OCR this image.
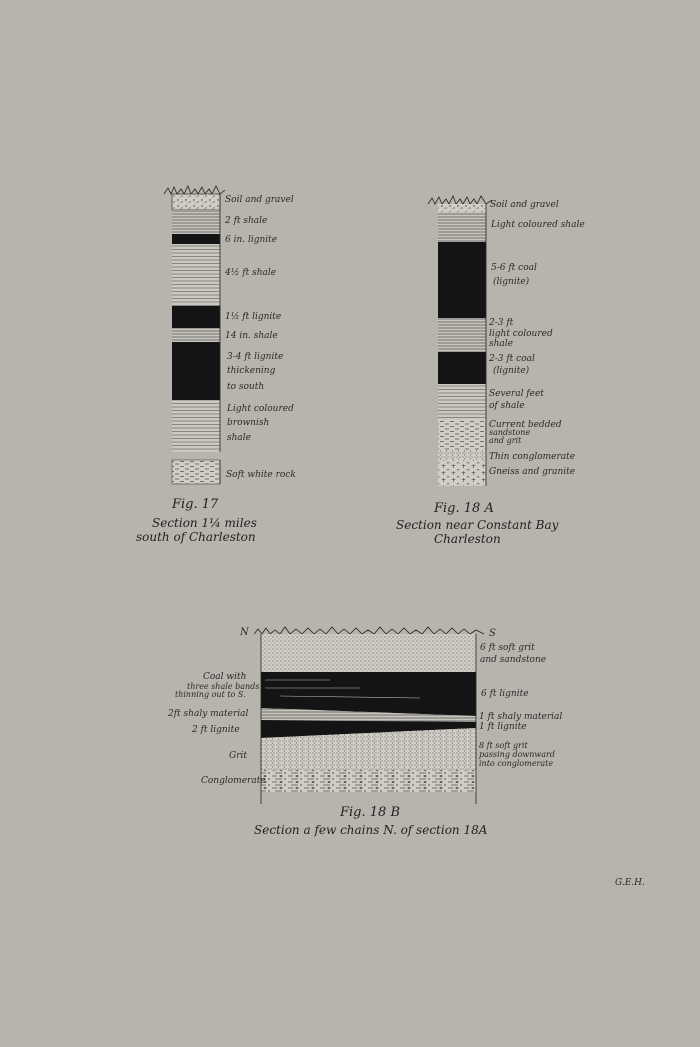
Soil and gravel
2 ft shale
6 in. lignite
4½ ft shale
1½ ft lignite
14 in. shale
3-4 ft lignite
thickening
to south
Light coloured
brownish
shale
Soft white rock
Fig. 17
Section 1¼ miles
south of Charleston
Soil and gravel
Light coloured shale
5-6 ft coal
(lignite)
2-3 ft
light coloured
shale
2-3 ft coal
(lignite)
Several feet
of shale
Current bedded
sandstone
and grit
Thin conglomerate
Gneiss and granite
Fig. 18 A
Section near Constant Bay
Charleston
N	S
Coal with
three shale bands
thinning out to S.
2ft shaly material
2 ft lignite
Grit
Conglomerate
6 ft soft grit
and sandstone
6 ft lignite
1 ft shaly material
1 ft lignite
8 ft soft grit
passing downward
into conglomerate
Fig. 18 B
Section a few chains N. of section 18A
G.E.H.
